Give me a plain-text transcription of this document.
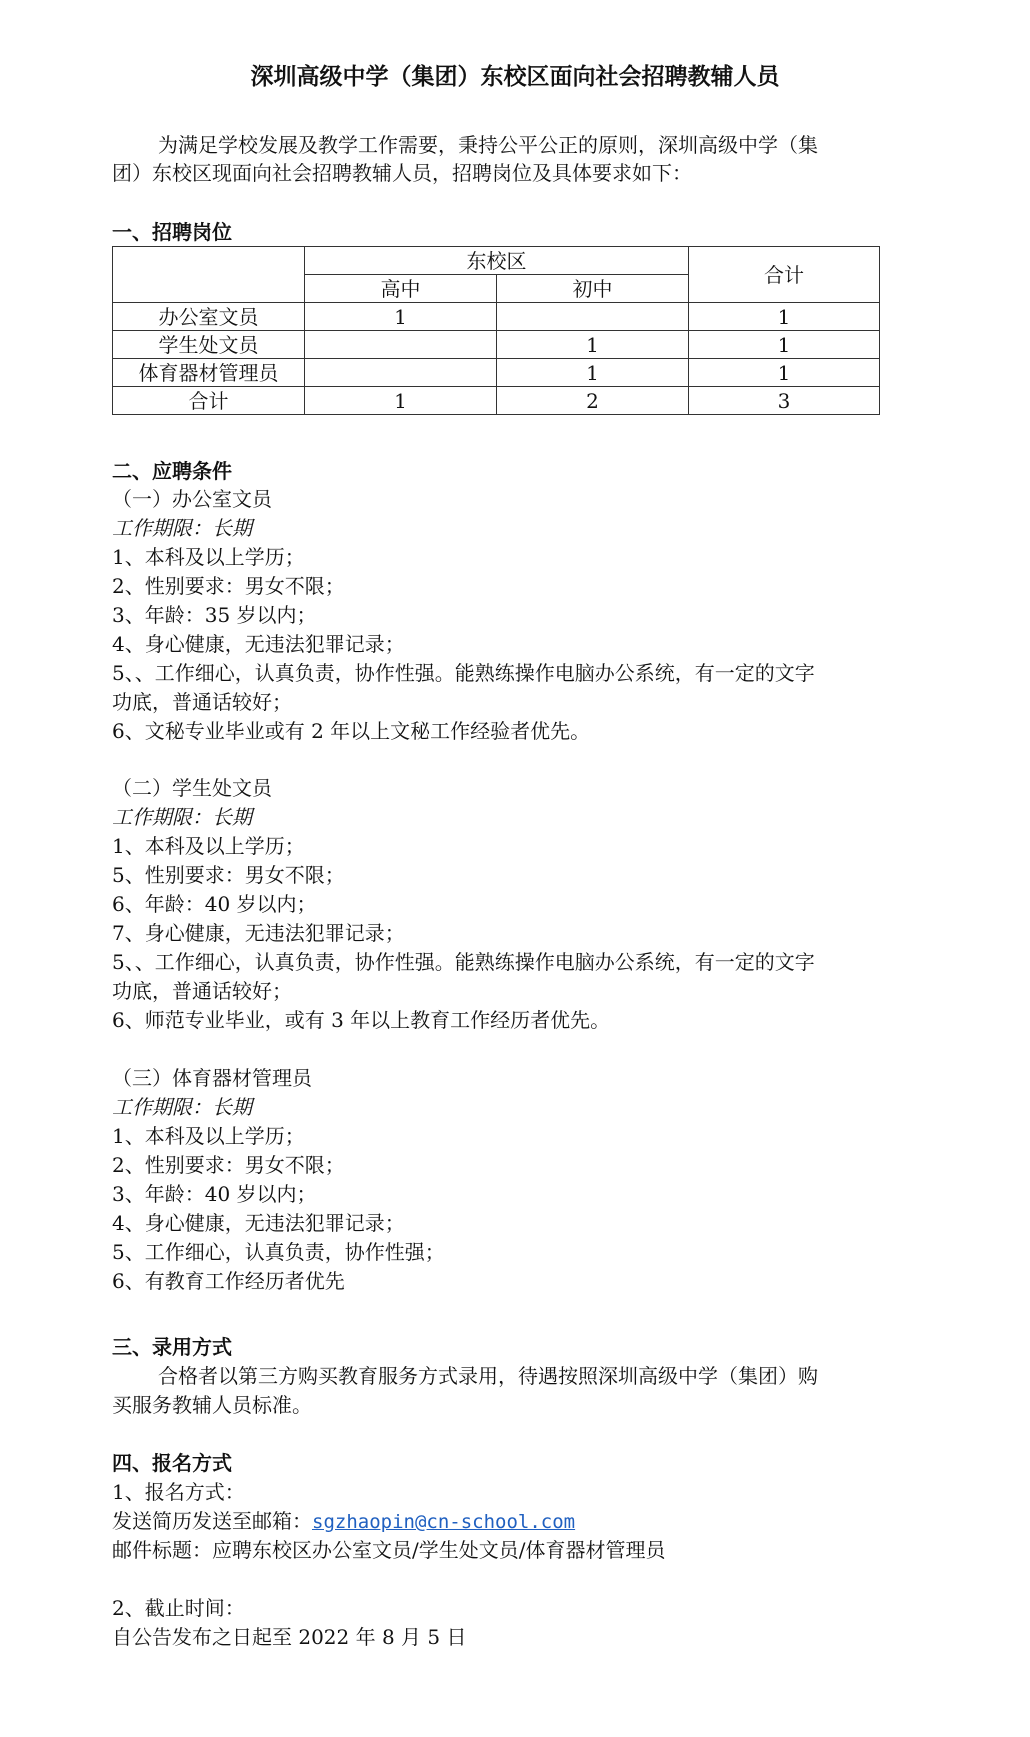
深圳高级中学（集团）东校区面向社会招聘教辅人员
为满足学校发展及教学工作需要，秉持公平公正的原则，深圳高级中学（集
团）东校区现面向社会招聘教辅人员，招聘岗位及具体要求如下：
一、招聘岗位
	东校区		合计
	高中	初中	
办公室文员	1		1
学生处文员		1	1
体育器材管理员		1	1
合计	1	2	3
二、应聘条件
（一）办公室文员
工作期限：长期
1、本科及以上学历；
2、性别要求：男女不限；
3、年龄：35 岁以内；
4、身心健康，无违法犯罪记录；
5、、工作细心，认真负责，协作性强。能熟练操作电脑办公系统，有一定的文字
功底，普通话较好；
6、文秘专业毕业或有 2 年以上文秘工作经验者优先。
（二）学生处文员
工作期限：长期
1、本科及以上学历；
5、性别要求：男女不限；
6、年龄：40 岁以内；
7、身心健康，无违法犯罪记录；
5、、工作细心，认真负责，协作性强。能熟练操作电脑办公系统，有一定的文字
功底，普通话较好；
6、师范专业毕业，或有 3 年以上教育工作经历者优先。
（三）体育器材管理员
工作期限：长期
1、本科及以上学历；
2、性别要求：男女不限；
3、年龄：40 岁以内；
4、身心健康，无违法犯罪记录；
5、工作细心，认真负责，协作性强；
6、有教育工作经历者优先
三、录用方式
合格者以第三方购买教育服务方式录用，待遇按照深圳高级中学（集团）购
买服务教辅人员标准。
四、报名方式
1、报名方式：
发送简历发送至邮箱：sgzhaopin@cn-school.com
邮件标题：应聘东校区办公室文员/学生处文员/体育器材管理员
2、截止时间：
自公告发布之日起至 2022 年 8 月 5 日
